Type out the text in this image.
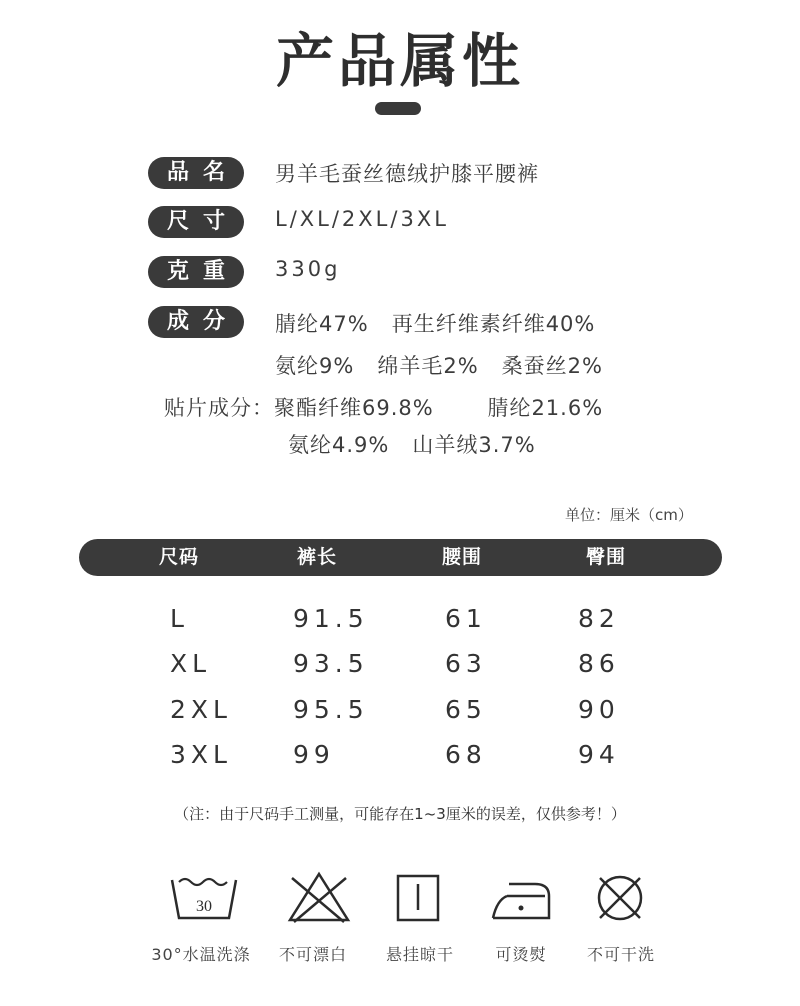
产品属性
品名 男羊毛蚕丝德绒护膝平腰裤
尺寸 L/XL/2XL/3XL
克重 330g
成分 腈纶47%   再生纤维素纤维40%
氨纶9%   绵羊毛2%   桑蚕丝2%
贴片成分：聚酯纤维69.8%       腈纶21.6%
氨纶4.9%   山羊绒3.7%
单位：厘米（cm）
尺码	裤长	腰围	臀围
L	91.5	61	82
XL	93.5	63	86
2XL 95.5	65	90
3XL 99	68	94
（注：由于尺码手工测量，可能存在1~3厘米的误差，仅供参考！）
30
30°水温洗涤	不可漂白	悬挂晾干	可烫熨	不可干洗
